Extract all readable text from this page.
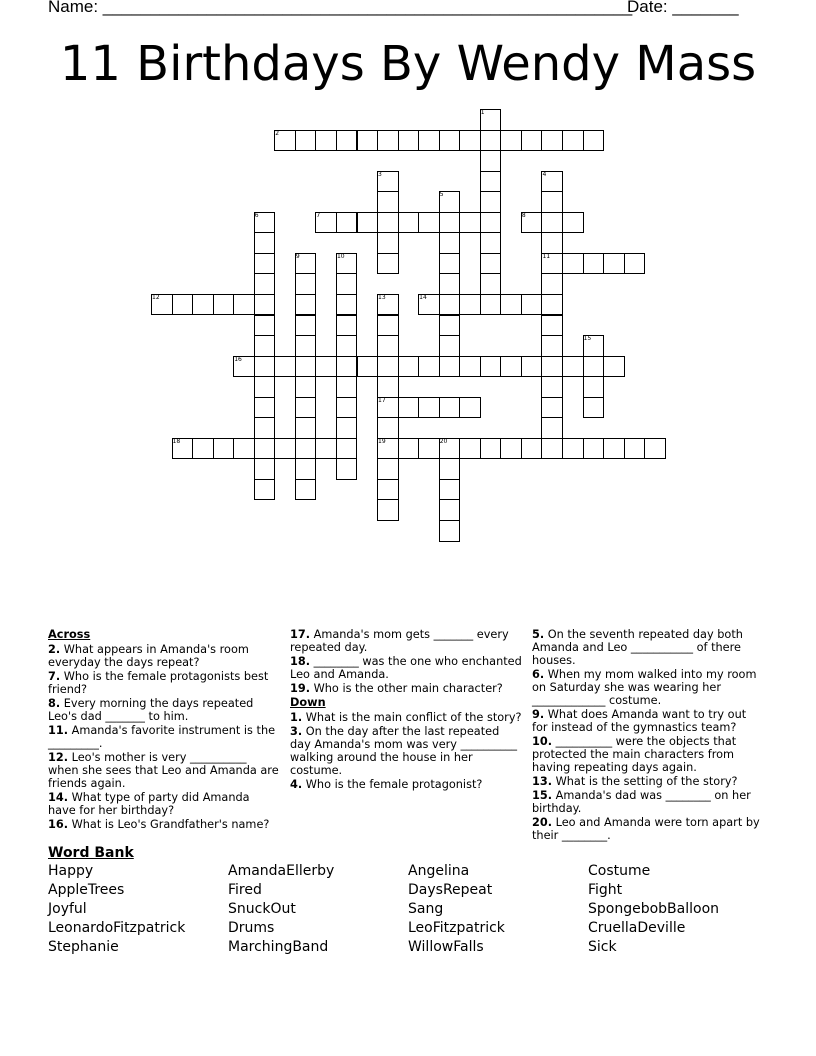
Name: ________________________________________________________
Date: _______
11 Birthdays By Wendy Mass
1
2
3	4
5
6	7	8
9	10	11
12	13	14
15
16
17
18	19	20
Across

2. What appears in Amanda's room everyday the days repeat?

7. Who is the female protagonists best friend?

8. Every morning the days repeated Leo's dad _______ to him.

11. Amanda's favorite instrument is the _________.

12. Leo's mother is very __________ when she sees that Leo and Amanda are friends again.

14. What type of party did Amanda have for her birthday?

16. What is Leo's Grandfather's name?

17. Amanda's mom gets _______ every repeated day.

18. ________ was the one who enchanted Leo and Amanda.

19. Who is the other main character?

Down

1. What is the main conflict of the story?

3. On the day after the last repeated day Amanda's mom was very __________ walking around the house in her costume.

4. Who is the female protagonist?

5. On the seventh repeated day both Amanda and Leo ___________ of there houses.

6. When my mom walked into my room on Saturday she was wearing her _____________ costume.

9. What does Amanda want to try out for instead of the gymnastics team?

10. __________ were the objects that protected the main characters from having repeating days again.

13. What is the setting of the story?

15. Amanda's dad was ________ on her birthday.

20. Leo and Amanda were torn apart by their ________.

Word Bank
Happy
AppleTrees
Joyful
LeonardoFitzpatrick
Stephanie
AmandaEllerby
Fired
SnuckOut
Drums
MarchingBand
Angelina
DaysRepeat
Sang
LeoFitzpatrick
WillowFalls
Costume
Fight
SpongebobBalloon
CruellaDeville
Sick
